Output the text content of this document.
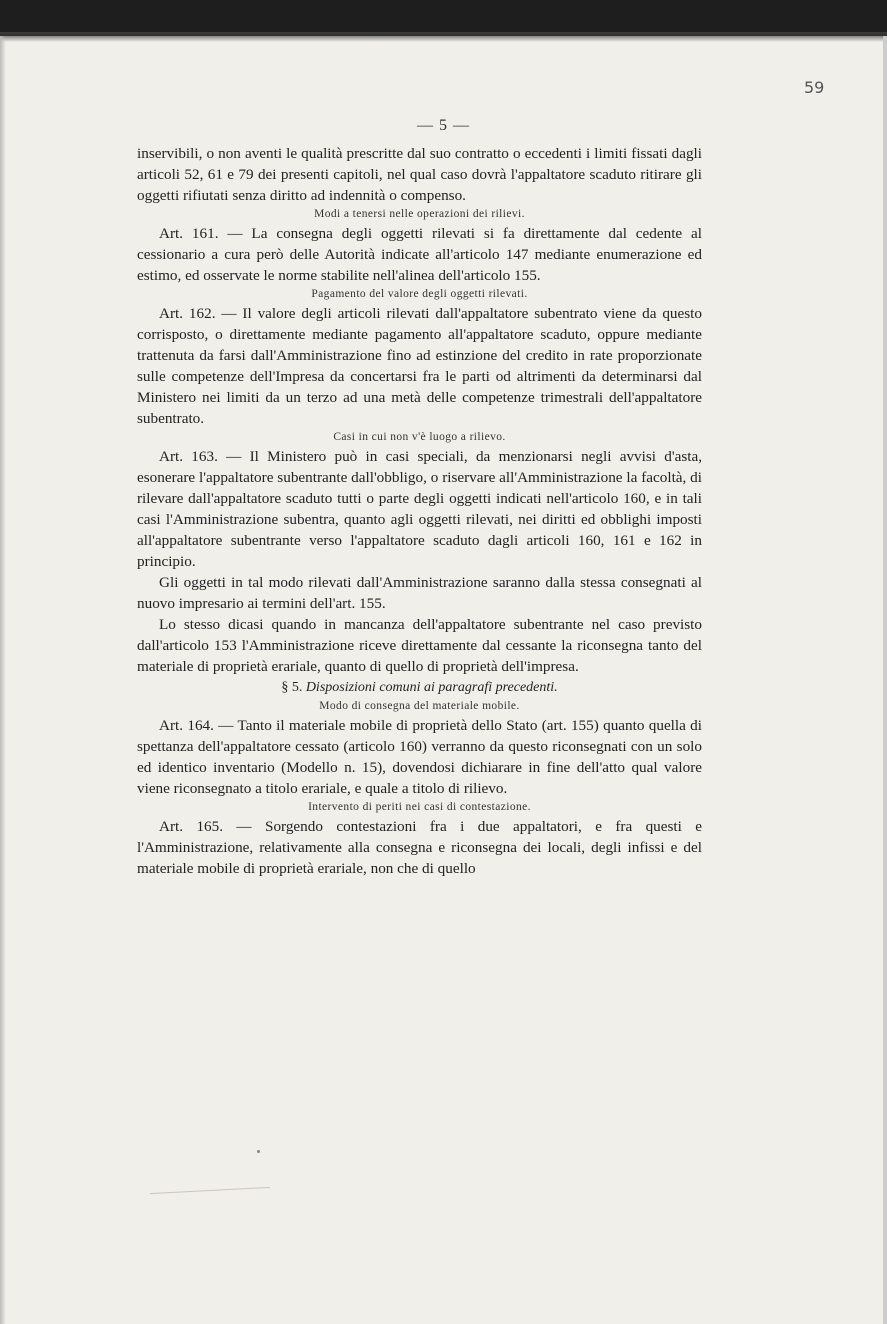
59
— 5 —

inservibili, o non aventi le qualità prescritte dal suo contratto o eccedenti i limiti fissati dagli articoli 52, 61 e 79 dei presenti capitoli, nel qual caso dovrà l'appaltatore scaduto ritirare gli oggetti rifiutati senza diritto ad indennità o compenso.

Modi a tenersi nelle operazioni dei rilievi.

Art. 161. — La consegna degli oggetti rilevati si fa direttamente dal cedente al cessionario a cura però delle Autorità indicate all'articolo 147 mediante enumerazione ed estimo, ed osservate le norme stabilite nell'alinea dell'articolo 155.

Pagamento del valore degli oggetti rilevati.

Art. 162. — Il valore degli articoli rilevati dall'appaltatore subentrato viene da questo corrisposto, o direttamente mediante pagamento all'appaltatore scaduto, oppure mediante trattenuta da farsi dall'Amministrazione fino ad estinzione del credito in rate proporzionate sulle competenze dell'Impresa da concertarsi fra le parti od altrimenti da determinarsi dal Ministero nei limiti da un terzo ad una metà delle competenze trimestrali dell'appaltatore subentrato.

Casi in cui non v'è luogo a rilievo.

Art. 163. — Il Ministero può in casi speciali, da menzionarsi negli avvisi d'asta, esonerare l'appaltatore subentrante dall'obbligo, o riservare all'Amministrazione la facoltà, di rilevare dall'appaltatore scaduto tutti o parte degli oggetti indicati nell'articolo 160, e in tali casi l'Amministrazione subentra, quanto agli oggetti rilevati, nei diritti ed obblighi imposti all'appaltatore subentrante verso l'appaltatore scaduto dagli articoli 160, 161 e 162 in principio.

Gli oggetti in tal modo rilevati dall'Amministrazione saranno dalla stessa consegnati al nuovo impresario ai termini dell'art. 155.

Lo stesso dicasi quando in mancanza dell'appaltatore subentrante nel caso previsto dall'articolo 153 l'Amministrazione riceve direttamente dal cessante la riconsegna tanto del materiale di proprietà erariale, quanto di quello di proprietà dell'impresa.

§ 5. Disposizioni comuni ai paragrafi precedenti.

Modo di consegna del materiale mobile.

Art. 164. — Tanto il materiale mobile di proprietà dello Stato (art. 155) quanto quella di spettanza dell'appaltatore cessato (articolo 160) verranno da questo riconsegnati con un solo ed identico inventario (Modello n. 15), dovendosi dichiarare in fine dell'atto qual valore viene riconsegnato a titolo erariale, e quale a titolo di rilievo.

Intervento di periti nei casi di contestazione.

Art. 165. — Sorgendo contestazioni fra i due appaltatori, e fra questi e l'Amministrazione, relativamente alla consegna e riconsegna dei locali, degli infissi e del materiale mobile di proprietà erariale, non che di quello
